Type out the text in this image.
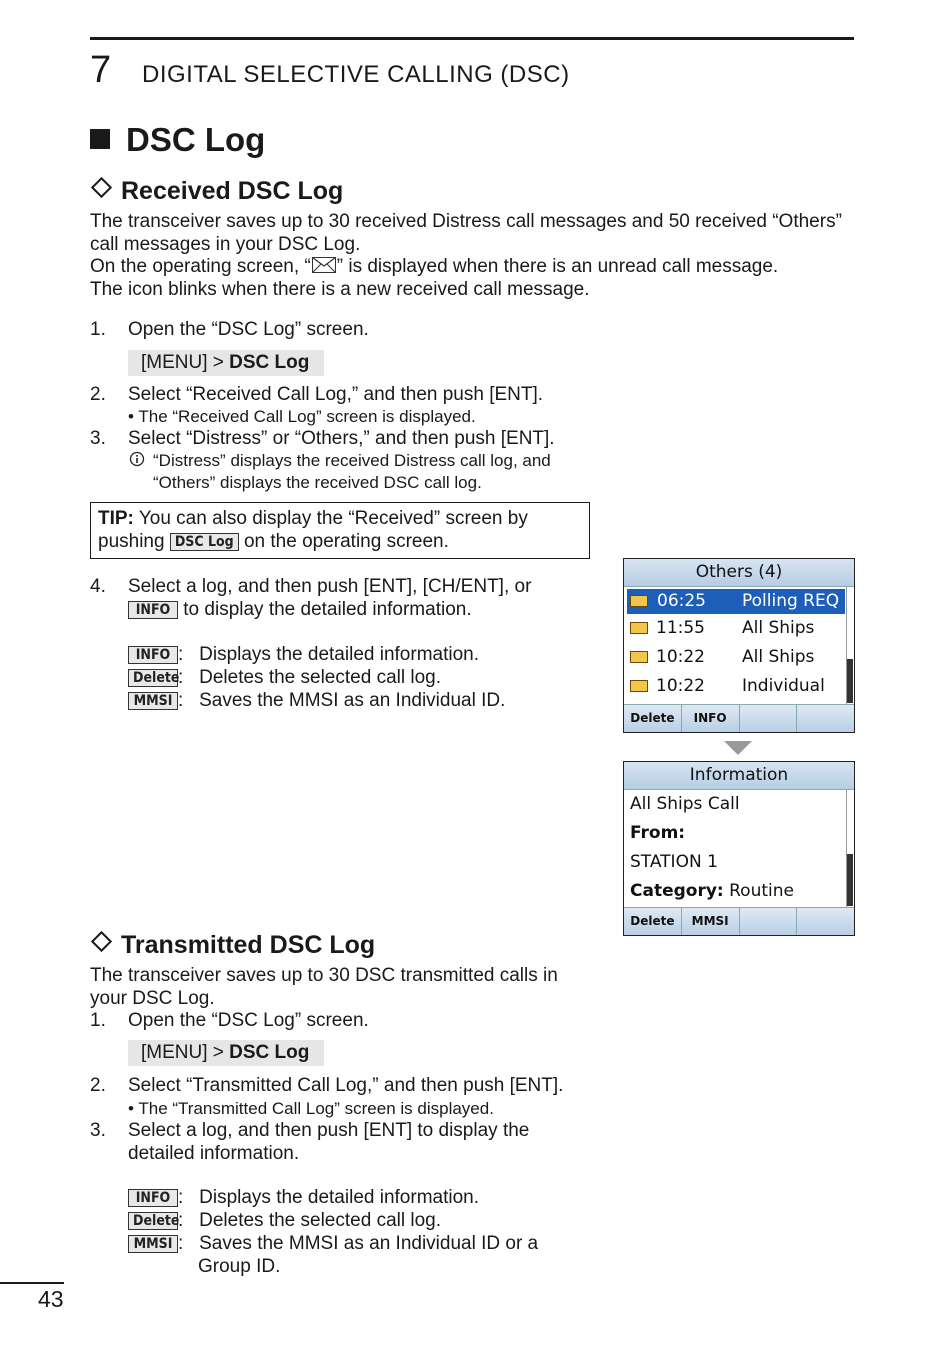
7 DIGITAL SELECTIVE CALLING (DSC)
DSC Log
Received DSC Log
The transceiver saves up to 30 received Distress call messages and 50 received “Others”
call messages in your DSC Log.
On the operating screen, “ ” is displayed when there is an unread call message.
The icon blinks when there is a new received call message.
1. Open the “DSC Log” screen.
[MENU] > DSC Log
2. Select “Received Call Log,” and then push [ENT].
• The “Received Call Log” screen is displayed.
3. Select “Distress” or “Others,” and then push [ENT].
“Distress” displays the received Distress call log, and
“Others” displays the received DSC call log.
TIP: You can also display the “Received” screen by
pushing DSC Log on the operating screen.
4. Select a log, and then push [ENT], [CH/ENT], or
INFO to display the detailed information.
INFO :   Displays the detailed information.
Delete:   Deletes the selected call log.
MMSI :   Saves the MMSI as an Individual ID.
Others (4)
06:25 Polling REQ
11:55 All Ships
10:22 All Ships
10:22 Individual
Delete	INFO
Information
All Ships Call
From:
STATION 1
Category: Routine
Delete	MMSI
Transmitted DSC Log
The transceiver saves up to 30 DSC transmitted calls in
your DSC Log.
1. Open the “DSC Log” screen.
[MENU] > DSC Log
2. Select “Transmitted Call Log,” and then push [ENT].
• The “Transmitted Call Log” screen is displayed.
3. Select a log, and then push [ENT] to display the
detailed information.
INFO :   Displays the detailed information.
Delete:   Deletes the selected call log.
MMSI :   Saves the MMSI as an Individual ID or a
Group ID.
43
